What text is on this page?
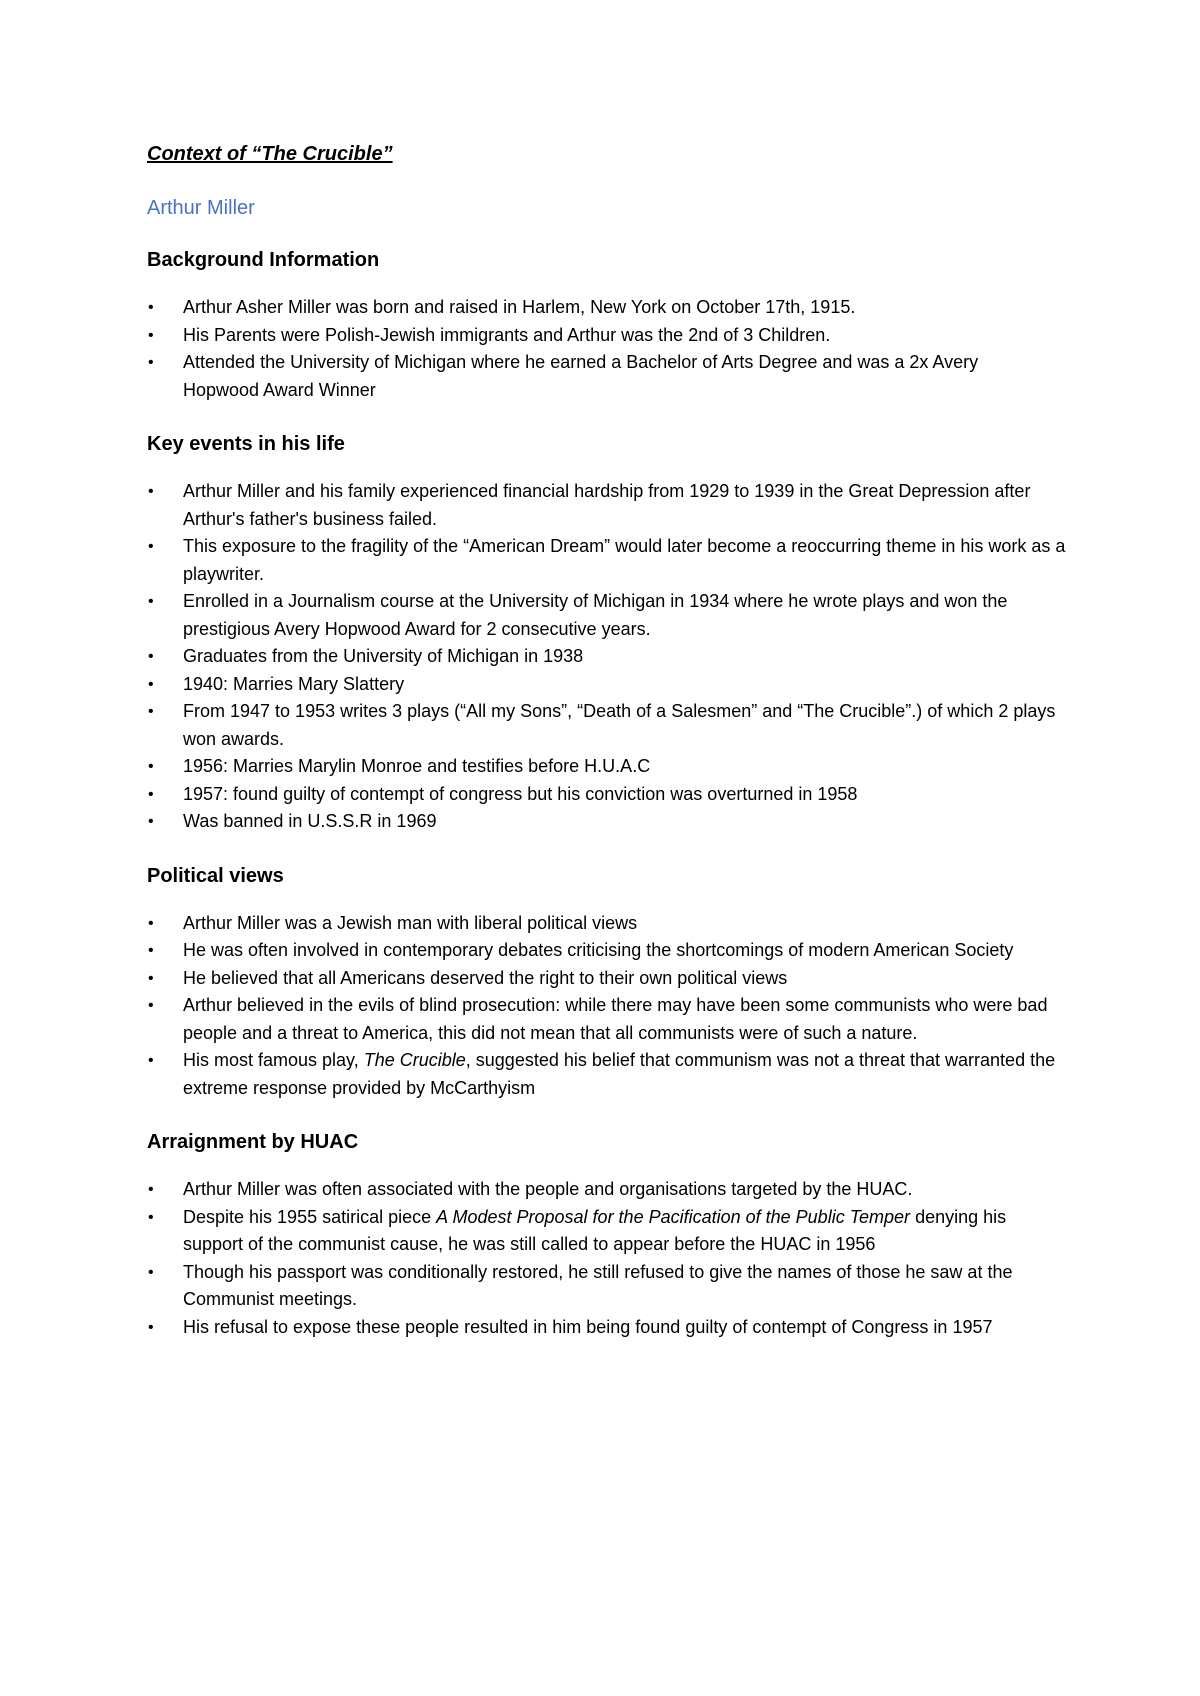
Context of “The Crucible”
Arthur Miller
Background Information
•	Arthur Asher Miller was born and raised in Harlem, New York on October 17th, 1915.
•	His Parents were Polish-Jewish immigrants and Arthur was the 2nd of 3 Children.
•	Attended the University of Michigan where he earned a Bachelor of Arts Degree and was a 2x Avery Hopwood Award Winner
Key events in his life
•	Arthur Miller and his family experienced financial hardship from 1929 to 1939 in the Great Depression after Arthur's father's business failed.
•	This exposure to the fragility of the “American Dream” would later become a reoccurring theme in his work as a playwriter.
•	Enrolled in a Journalism course at the University of Michigan in 1934 where he wrote plays and won the prestigious Avery Hopwood Award for 2 consecutive years.
•	Graduates from the University of Michigan in 1938
•	1940: Marries Mary Slattery
•	From 1947 to 1953 writes 3 plays (“All my Sons”, “Death of a Salesmen” and “The Crucible”.) of which 2 plays won awards.
•	1956: Marries Marylin Monroe and testifies before H.U.A.C
•	1957: found guilty of contempt of congress but his conviction was overturned in 1958
•	Was banned in U.S.S.R in 1969
Political views
•	Arthur Miller was a Jewish man with liberal political views
•	He was often involved in contemporary debates criticising the shortcomings of modern American Society
•	He believed that all Americans deserved the right to their own political views
•	Arthur believed in the evils of blind prosecution: while there may have been some communists who were bad people and a threat to America, this did not mean that all communists were of such a nature.
•	His most famous play, The Crucible, suggested his belief that communism was not a threat that warranted the extreme response provided by McCarthyism
Arraignment by HUAC
•	Arthur Miller was often associated with the people and organisations targeted by the HUAC.
•	Despite his 1955 satirical piece A Modest Proposal for the Pacification of the Public Temper denying his support of the communist cause, he was still called to appear before the HUAC in 1956
•	Though his passport was conditionally restored, he still refused to give the names of those he saw at the Communist meetings.
•	His refusal to expose these people resulted in him being found guilty of contempt of Congress in 1957
